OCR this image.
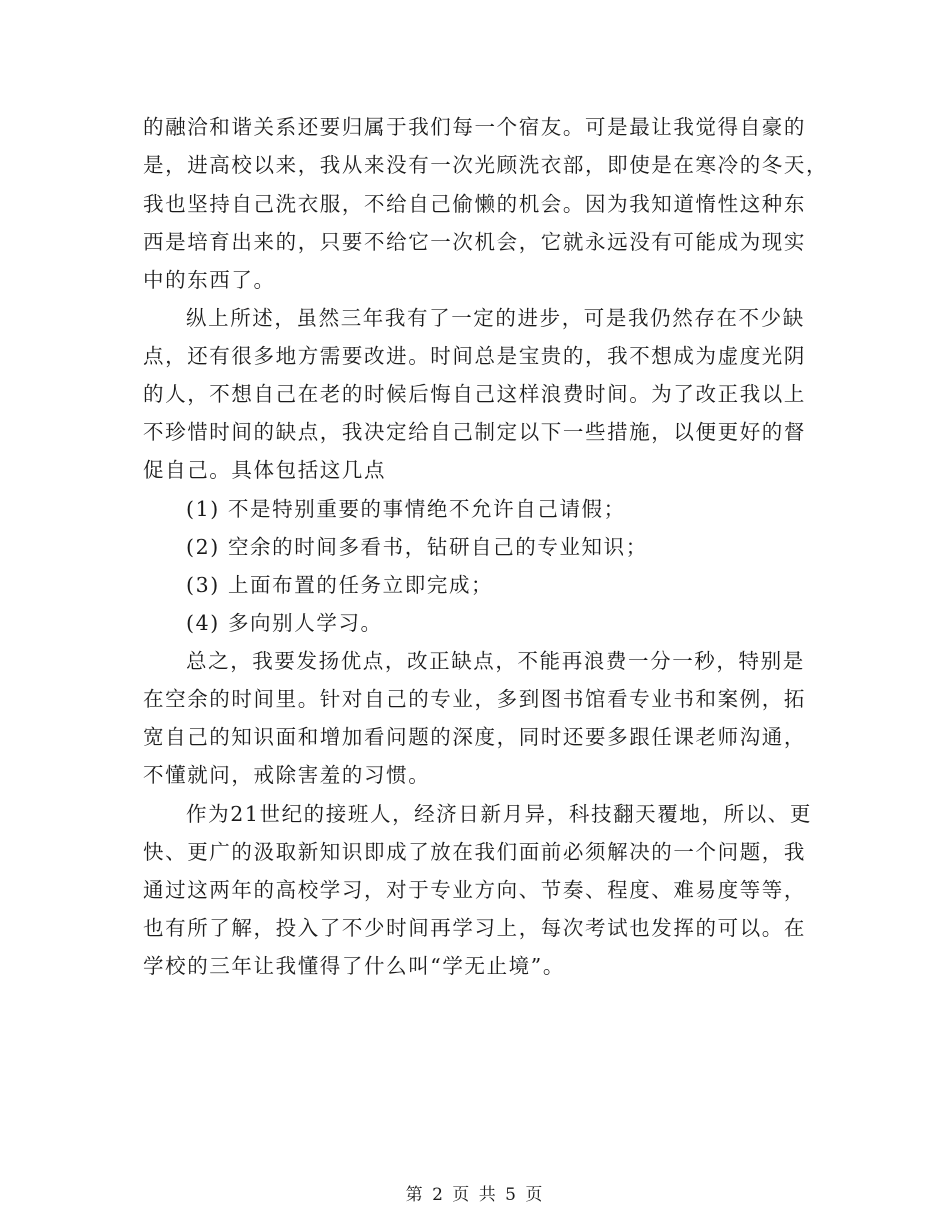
的融洽和谐关系还要归属于我们每一个宿友。可是最让我觉得自豪的
是，进高校以来，我从来没有一次光顾洗衣部，即使是在寒冷的冬天，
我也坚持自己洗衣服，不给自己偷懒的机会。因为我知道惰性这种东
西是培育出来的，只要不给它一次机会，它就永远没有可能成为现实
中的东西了。
纵上所述，虽然三年我有了一定的进步，可是我仍然存在不少缺
点，还有很多地方需要改进。时间总是宝贵的，我不想成为虚度光阴
的人，不想自己在老的时候后悔自己这样浪费时间。为了改正我以上
不珍惜时间的缺点，我决定给自己制定以下一些措施，以便更好的督
促自己。具体包括这几点
(1) 不是特别重要的事情绝不允许自己请假；
(2) 空余的时间多看书，钻研自己的专业知识；
(3) 上面布置的任务立即完成；
(4) 多向别人学习。
总之，我要发扬优点，改正缺点，不能再浪费一分一秒，特别是
在空余的时间里。针对自己的专业，多到图书馆看专业书和案例，拓
宽自己的知识面和增加看问题的深度，同时还要多跟任课老师沟通，
不懂就问，戒除害羞的习惯。
作为21世纪的接班人，经济日新月异，科技翻天覆地，所以、更
快、更广的汲取新知识即成了放在我们面前必须解决的一个问题，我
通过这两年的高校学习，对于专业方向、节奏、程度、难易度等等，
也有所了解，投入了不少时间再学习上，每次考试也发挥的可以。在
学校的三年让我懂得了什么叫“学无止境”。
第 2 页 共 5 页
